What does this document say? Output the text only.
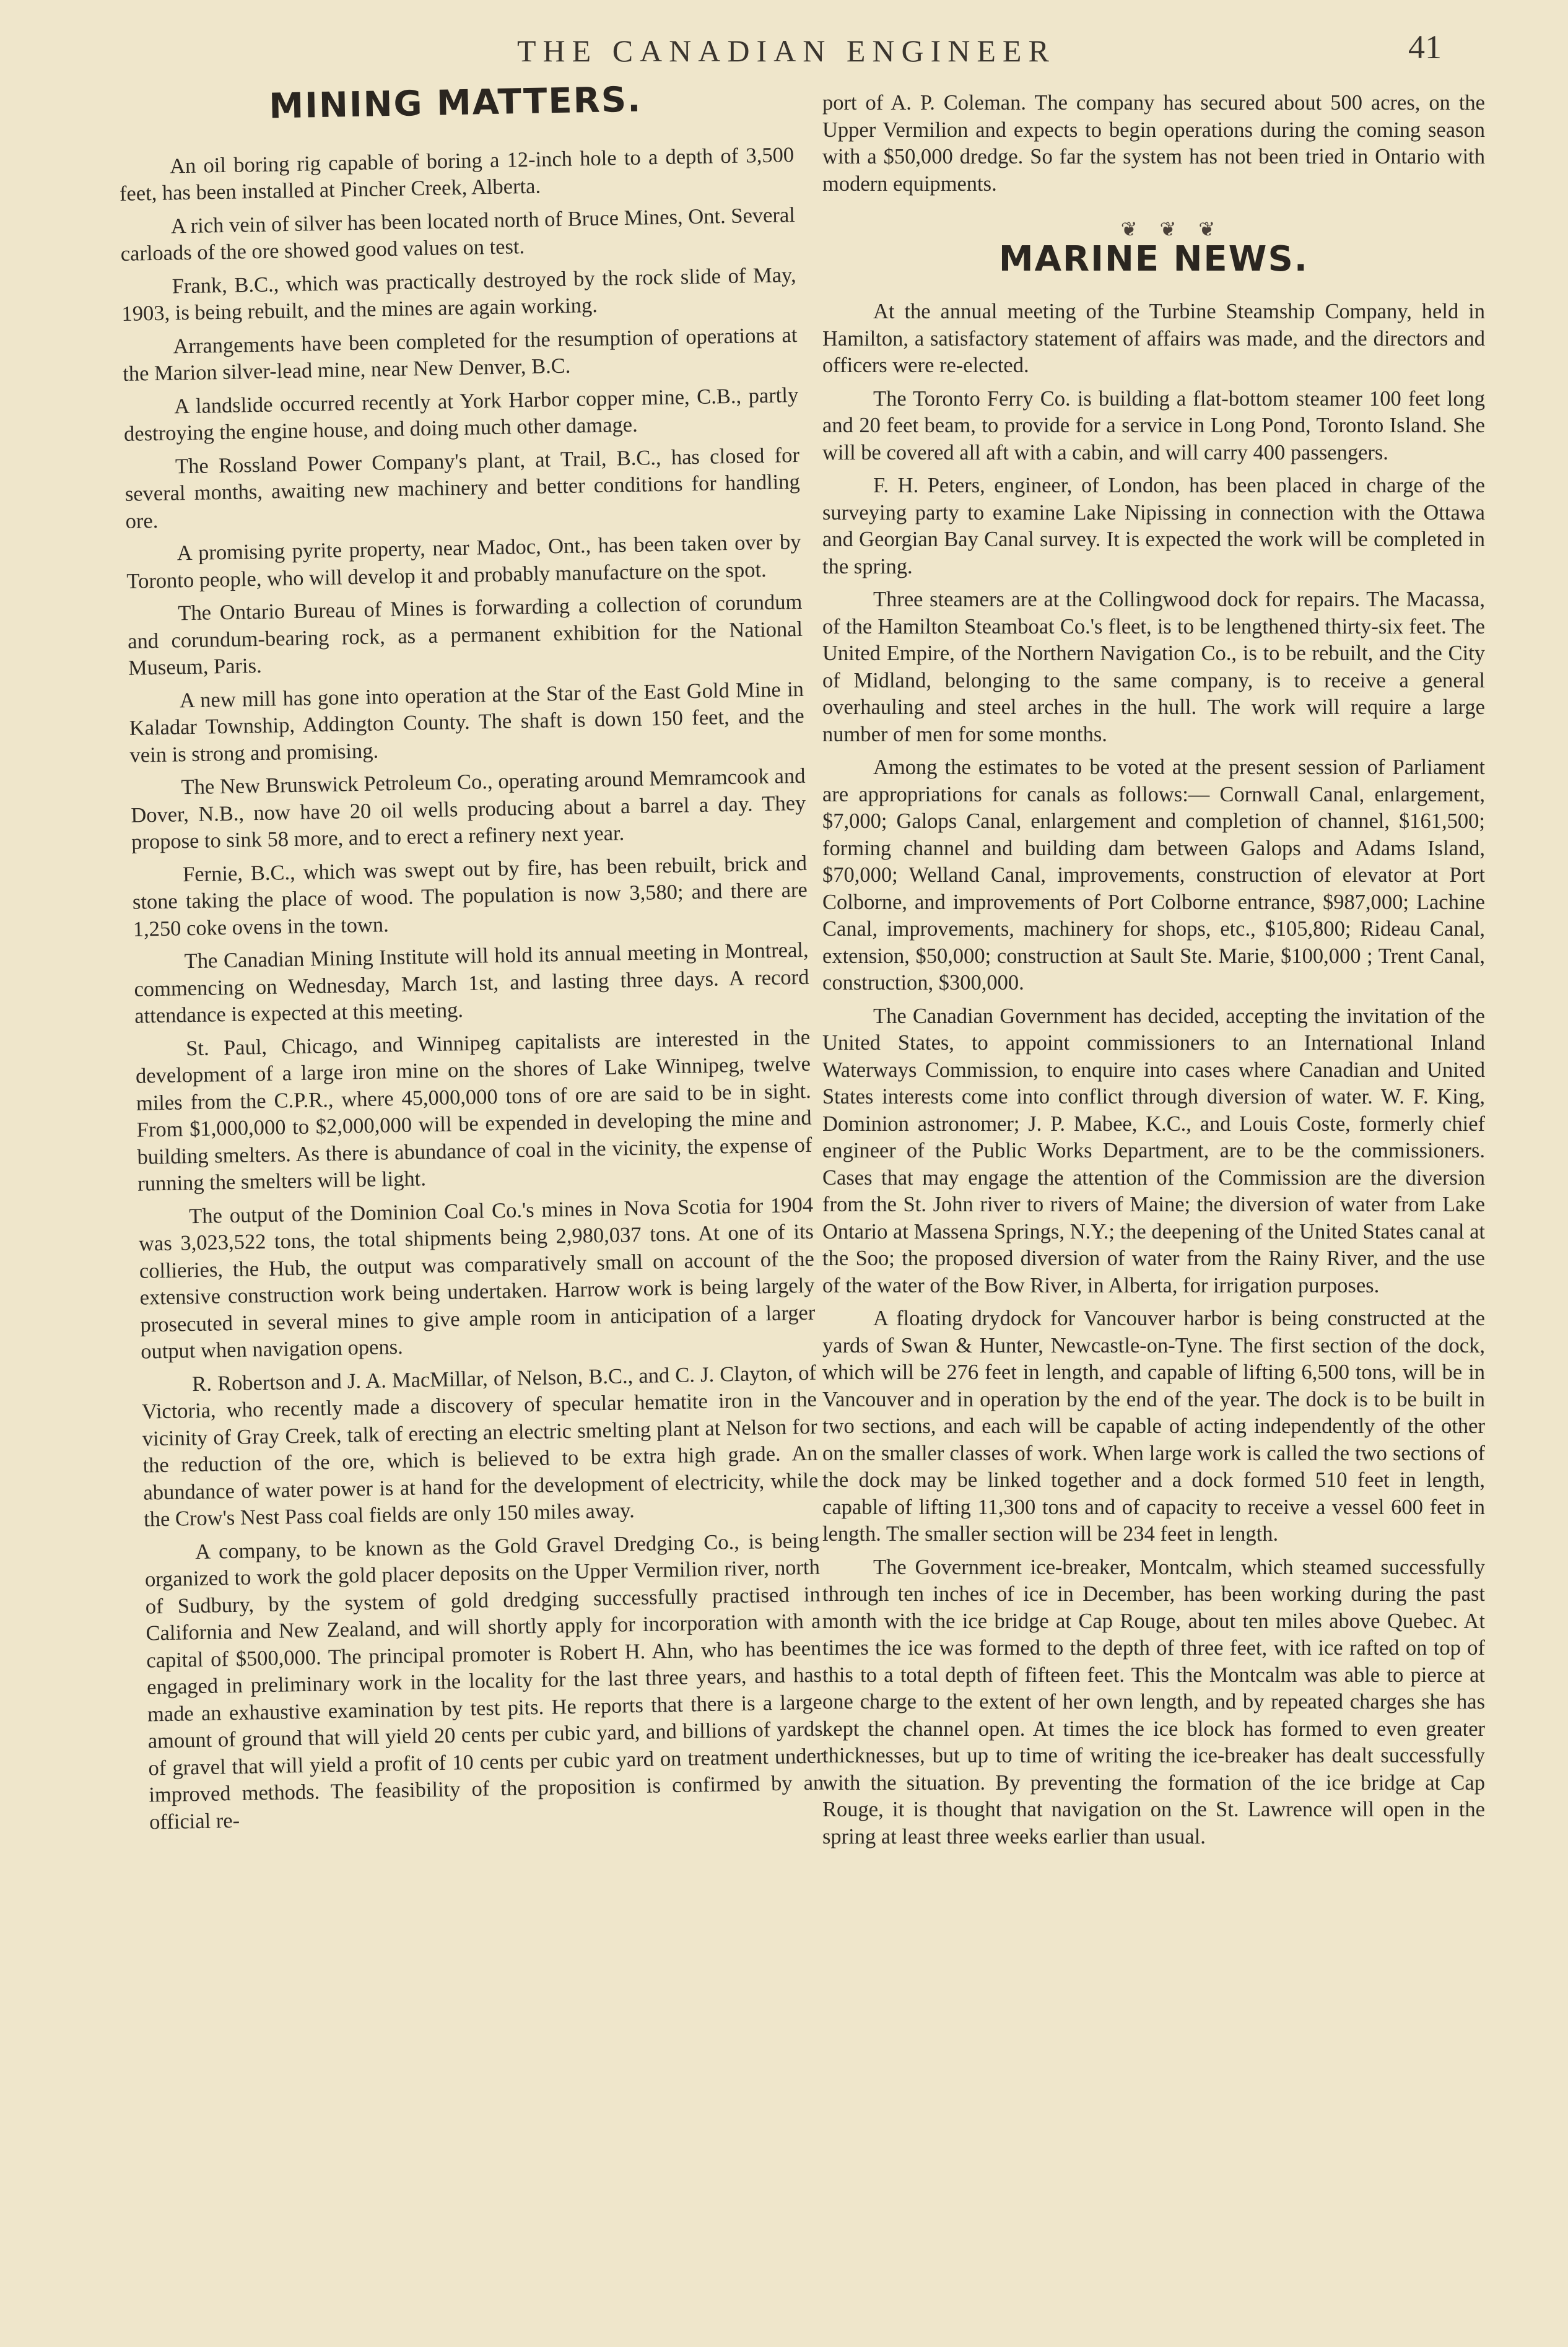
THE CANADIAN ENGINEER	41
MINING MATTERS.

An oil boring rig capable of boring a 12-inch hole to a depth of 3,500 feet, has been installed at Pincher Creek, Alberta.

A rich vein of silver has been located north of Bruce Mines, Ont. Several carloads of the ore showed good values on test.

Frank, B.C., which was practically destroyed by the rock slide of May, 1903, is being rebuilt, and the mines are again working.

Arrangements have been completed for the resumption of operations at the Marion silver-lead mine, near New Denver, B.C.

A landslide occurred recently at York Harbor copper mine, C.B., partly destroying the engine house, and doing much other damage.

The Rossland Power Company's plant, at Trail, B.C., has closed for several months, awaiting new machinery and better conditions for handling ore.

A promising pyrite property, near Madoc, Ont., has been taken over by Toronto people, who will develop it and probably manufacture on the spot.

The Ontario Bureau of Mines is forwarding a collection of corundum and corundum-bearing rock, as a permanent exhibition for the National Museum, Paris.

A new mill has gone into operation at the Star of the East Gold Mine in Kaladar Township, Addington County. The shaft is down 150 feet, and the vein is strong and promising.

The New Brunswick Petroleum Co., operating around Memramcook and Dover, N.B., now have 20 oil wells producing about a barrel a day. They propose to sink 58 more, and to erect a refinery next year.

Fernie, B.C., which was swept out by fire, has been rebuilt, brick and stone taking the place of wood. The population is now 3,580; and there are 1,250 coke ovens in the town.

The Canadian Mining Institute will hold its annual meeting in Montreal, commencing on Wednesday, March 1st, and lasting three days. A record attendance is expected at this meeting.

St. Paul, Chicago, and Winnipeg capitalists are interested in the development of a large iron mine on the shores of Lake Winnipeg, twelve miles from the C.P.R., where 45,000,000 tons of ore are said to be in sight. From $1,000,000 to $2,000,000 will be expended in developing the mine and building smelters. As there is abundance of coal in the vicinity, the expense of running the smelters will be light.

The output of the Dominion Coal Co.'s mines in Nova Scotia for 1904 was 3,023,522 tons, the total shipments being 2,980,037 tons. At one of its collieries, the Hub, the output was comparatively small on account of the extensive construction work being undertaken. Harrow work is being largely prosecuted in several mines to give ample room in anticipation of a larger output when navigation opens.

R. Robertson and J. A. MacMillar, of Nelson, B.C., and C. J. Clayton, of Victoria, who recently made a discovery of specular hematite iron in the vicinity of Gray Creek, talk of erecting an electric smelting plant at Nelson for the reduction of the ore, which is believed to be extra high grade. An abundance of water power is at hand for the development of electricity, while the Crow's Nest Pass coal fields are only 150 miles away.

A company, to be known as the Gold Gravel Dredging Co., is being organized to work the gold placer deposits on the Upper Vermilion river, north of Sudbury, by the system of gold dredging successfully practised in California and New Zealand, and will shortly apply for incorporation with a capital of $500,000. The principal promoter is Robert H. Ahn, who has been engaged in preliminary work in the locality for the last three years, and has made an exhaustive examination by test pits. He reports that there is a large amount of ground that will yield 20 cents per cubic yard, and billions of yards of gravel that will yield a profit of 10 cents per cubic yard on treatment under improved methods. The feasibility of the proposition is confirmed by an official re-

port of A. P. Coleman. The company has secured about 500 acres, on the Upper Vermilion and expects to begin operations during the coming season with a $50,000 dredge. So far the system has not been tried in Ontario with modern equipments.

❦ ❦ ❦
MARINE NEWS.

At the annual meeting of the Turbine Steamship Company, held in Hamilton, a satisfactory statement of affairs was made, and the directors and officers were re-elected.

The Toronto Ferry Co. is building a flat-bottom steamer 100 feet long and 20 feet beam, to provide for a service in Long Pond, Toronto Island. She will be covered all aft with a cabin, and will carry 400 passengers.

F. H. Peters, engineer, of London, has been placed in charge of the surveying party to examine Lake Nipissing in connection with the Ottawa and Georgian Bay Canal survey. It is expected the work will be completed in the spring.

Three steamers are at the Collingwood dock for repairs. The Macassa, of the Hamilton Steamboat Co.'s fleet, is to be lengthened thirty-six feet. The United Empire, of the Northern Navigation Co., is to be rebuilt, and the City of Midland, belonging to the same company, is to receive a general overhauling and steel arches in the hull. The work will require a large number of men for some months.

Among the estimates to be voted at the present session of Parliament are appropriations for canals as follows:— Cornwall Canal, enlargement, $7,000; Galops Canal, enlargement and completion of channel, $161,500; forming channel and building dam between Galops and Adams Island, $70,000; Welland Canal, improvements, construction of elevator at Port Colborne, and improvements of Port Colborne entrance, $987,000; Lachine Canal, improvements, machinery for shops, etc., $105,800; Rideau Canal, extension, $50,000; construction at Sault Ste. Marie, $100,000 ; Trent Canal, construction, $300,000.

The Canadian Government has decided, accepting the invitation of the United States, to appoint commissioners to an International Inland Waterways Commission, to enquire into cases where Canadian and United States interests come into conflict through diversion of water. W. F. King, Dominion astronomer; J. P. Mabee, K.C., and Louis Coste, formerly chief engineer of the Public Works Department, are to be the commissioners. Cases that may engage the attention of the Commission are the diversion from the St. John river to rivers of Maine; the diversion of water from Lake Ontario at Massena Springs, N.Y.; the deepening of the United States canal at the Soo; the proposed diversion of water from the Rainy River, and the use of the water of the Bow River, in Alberta, for irrigation purposes.

A floating drydock for Vancouver harbor is being constructed at the yards of Swan & Hunter, Newcastle-on-Tyne. The first section of the dock, which will be 276 feet in length, and capable of lifting 6,500 tons, will be in Vancouver and in operation by the end of the year. The dock is to be built in two sections, and each will be capable of acting independently of the other on the smaller classes of work. When large work is called the two sections of the dock may be linked together and a dock formed 510 feet in length, capable of lifting 11,300 tons and of capacity to receive a vessel 600 feet in length. The smaller section will be 234 feet in length.

The Government ice-breaker, Montcalm, which steamed successfully through ten inches of ice in December, has been working during the past month with the ice bridge at Cap Rouge, about ten miles above Quebec. At times the ice was formed to the depth of three feet, with ice rafted on top of this to a total depth of fifteen feet. This the Montcalm was able to pierce at one charge to the extent of her own length, and by repeated charges she has kept the channel open. At times the ice block has formed to even greater thicknesses, but up to time of writing the ice-breaker has dealt successfully with the situation. By preventing the formation of the ice bridge at Cap Rouge, it is thought that navigation on the St. Lawrence will open in the spring at least three weeks earlier than usual.
